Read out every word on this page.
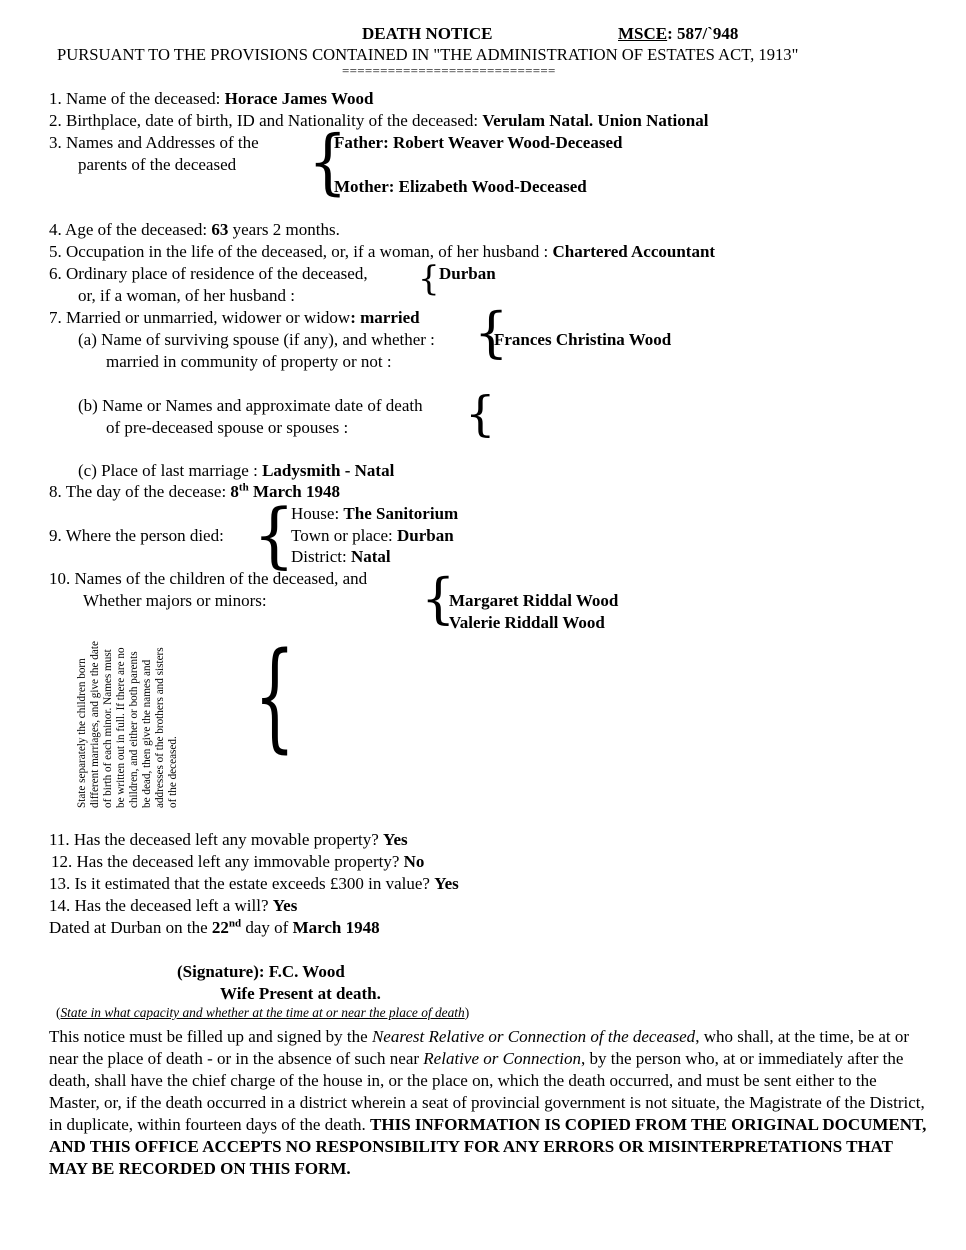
DEATH NOTICE	MSCE: 587/`948
PURSUANT TO THE PROVISIONS CONTAINED IN "THE ADMINISTRATION OF ESTATES ACT, 1913"
============================
1. Name of the deceased: Horace James Wood
2. Birthplace, date of birth, ID and Nationality of the deceased: Verulam Natal. Union National
3. Names and Addresses of the
parents of the deceased {
Father: Robert Weaver Wood-Deceased
Mother: Elizabeth Wood-Deceased
4. Age of the deceased: 63 years 2 months.
5. Occupation in the life of the deceased, or, if a woman, of her husband : Chartered Accountant
6. Ordinary place of residence of the deceased,
or, if a woman, of her husband :	{ Durban
7. Married or unmarried, widower or widow: married
(a) Name of surviving spouse (if any), and whether :
married in community of property or not : {
Frances Christina Wood
(b) Name or Names and approximate date of death
of pre-deceased spouse or spouses : {
(c) Place of last marriage : Ladysmith - Natal
8. The day of the decease: 8th March 1948
9. Where the person died: {
House: The Sanitorium
Town or place: Durban
District: Natal
10. Names of the children of the deceased, and
Whether majors or minors:	{
Margaret Riddal Wood
Valerie Riddall Wood
State separately the children born different marriages, and give the date of birth of each minor. Names must be written out in full. If there are no children, and either or both parents be dead, then give the names and addresses of the brothers and sisters of the deceased.
{
11. Has the deceased left any movable property? Yes
12. Has the deceased left any immovable property? No
13. Is it estimated that the estate exceeds £300 in value? Yes
14. Has the deceased left a will? Yes
Dated at Durban on the 22nd day of March 1948
(Signature): F.C. Wood
Wife Present at death.
(State in what capacity and whether at the time at or near the place of death)
This notice must be filled up and signed by the Nearest Relative or Connection of the deceased, who shall, at the time, be at or near the place of death - or in the absence of such near Relative or Connection, by the person who, at or immediately after the death, shall have the chief charge of the house in, or the place on, which the death occurred, and must be sent either to the Master, or, if the death occurred in a district wherein a seat of provincial government is not situate, the Magistrate of the District, in duplicate, within fourteen days of the death. THIS INFORMATION IS COPIED FROM THE ORIGINAL DOCUMENT, AND THIS OFFICE ACCEPTS NO RESPONSIBILITY FOR ANY ERRORS OR MISINTERPRETATIONS THAT MAY BE RECORDED ON THIS FORM.
